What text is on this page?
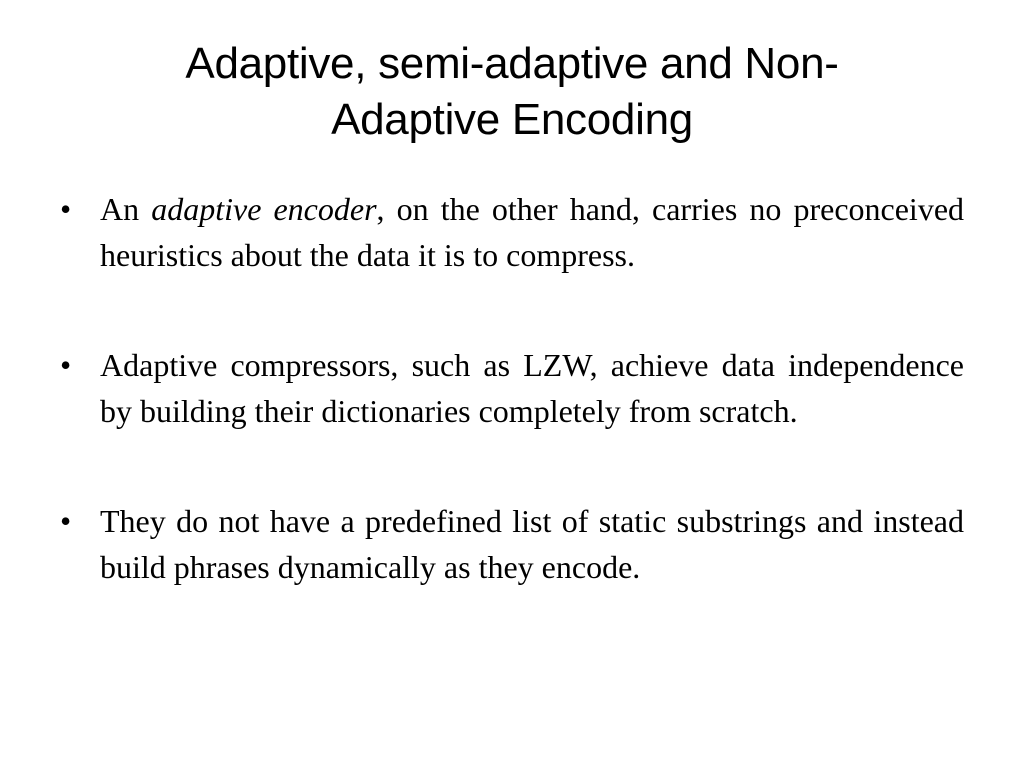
Adaptive, semi-adaptive and Non-
Adaptive Encoding
• An adaptive encoder, on the other hand, carries no preconceived heuristics about the data it is to compress.
• Adaptive compressors, such as LZW, achieve data independence by building their dictionaries completely from scratch.
• They do not have a predefined list of static substrings and instead build phrases dynamically as they encode.
